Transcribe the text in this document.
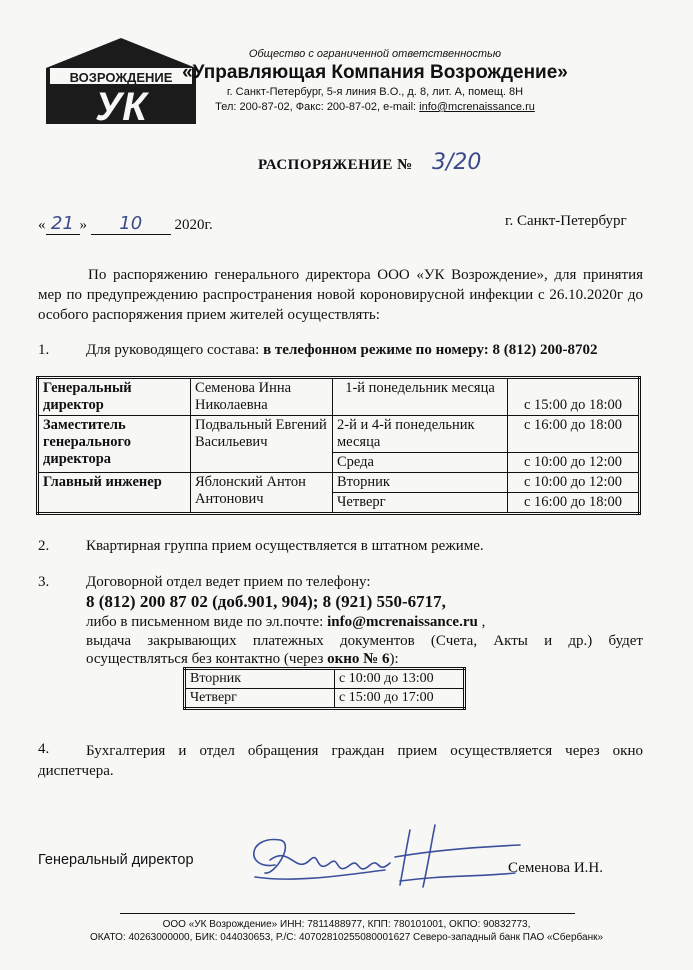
ВОЗРОЖДЕНИЕ
УК
Общество с ограниченной ответственностью
«Управляющая Компания Возрождение»
г. Санкт-Петербург, 5-я линия В.О., д. 8, лит. А, помещ. 8Н
Тел: 200-87-02, Факс: 200-87-02, e-mail: info@mcrenaissance.ru
РАСПОРЯЖЕНИЕ № 3/20
« 21 » 10 2020г.	г. Санкт-Петербург
По распоряжению генерального директора ООО «УК Возрождение», для принятия мер по предупреждению распространения новой короновирусной инфекции с 26.10.2020г до особого распоряжения прием жителей осуществлять:
1. Для руководящего состава: в телефонном режиме по номеру: 8 (812) 200-8702
Генеральный директор	Семенова Инна Николаевна	1-й понедельник месяца	с 15:00 до 18:00
Заместитель генерального директора	Подвальный Евгений Васильевич	2-й и 4-й понедельник месяца	с 16:00 до 18:00
		Среда	с 10:00 до 12:00
Главный инженер	Яблонский Антон Антонович	Вторник	с 10:00 до 12:00
		Четверг	с 16:00 до 18:00
2. Квартирная группа прием осуществляется в штатном режиме.
3. Договорной отдел ведет прием по телефону:
8 (812) 200 87 02 (доб.901, 904); 8 (921) 550-6717,
либо в письменном виде по эл.почте: info@mcrenaissance.ru ,
выдача закрывающих платежных документов (Счета, Акты и др.) будет
осуществляться без контактно (через окно № 6):
Вторник	с 10:00 до 13:00
Четверг	с 15:00 до 17:00
4.	Бухгалтерия и отдел обращения граждан прием осуществляется через окно диспетчера.
Генеральный директор	Семенова И.Н.
ООО «УК Возрождение» ИНН: 7811488977, КПП: 780101001, ОКПО: 90832773,
ОКАТО: 40263000000, БИК: 044030653, Р./С: 40702810255080001627 Северо-западный банк ПАО «Сбербанк»
